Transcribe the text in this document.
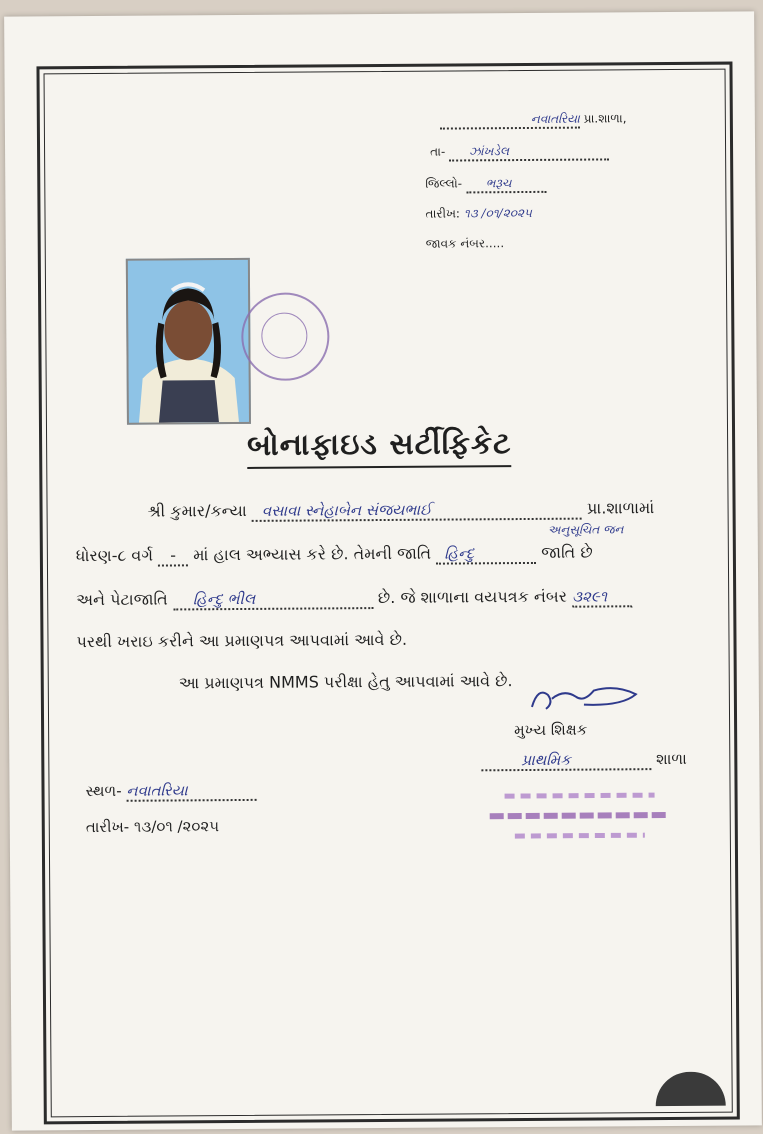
નવાતરિયા પ્રા.શાળા,
તા- ઝાંખડેલ
જિલ્લો- ભરૂચ
તારીખ: ૧૩ /૦૧/૨૦૨૫
જાવક નંબર.....
બોનાફાઇડ સર્ટીફિકેટ
શ્રી કુમાર/કન્યા વસાવા સ્નેહાબેન સંજયભાઈ	પ્રા.શાળામાં
અનુસૂચિત જન
ધોરણ-૮ વર્ગ - માં હાલ અભ્યાસ કરે છે. તેમની જાતિ હિન્દુ	જાતિ છે
અને પેટાજાતિ હિન્દુ ભીલ	છે. જે શાળાના વયપત્રક નંબર ૩૨૯૧
પરથી ખરાઇ કરીને આ પ્રમાણપત્ર આપવામાં આવે છે.
આ પ્રમાણપત્ર NMMS પરીક્ષા હેતુ આપવામાં આવે છે.
મુખ્ય શિક્ષક
પ્રાથમિક	શાળા
સ્થળ- નવાતરિયા
તારીખ- ૧૩/૦૧ /૨૦૨૫
